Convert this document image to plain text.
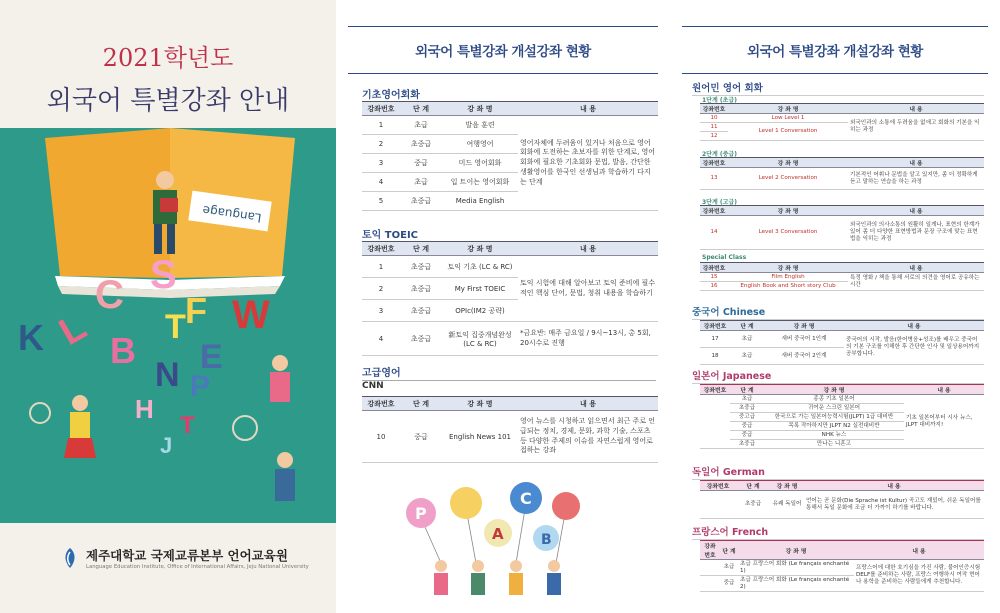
2021학년도
외국어 특별강좌 안내
Language
K L
C S
F W
B
T
E
N P
H
T
J
제주대학교 국제교류본부 언어교육원
Language Education Institute, Office of International Affairs, Jeju National University
외국어 특별강좌 개설강좌 현황
기초영어회화
강좌번호	단 계	강 좌 명	내 용
1	초급	발음 훈련	영어자체에 두려움이 있거나 처음으로 영어회화에 도전하는 초보자를 위한 단계로, 영어회화에 필요한 기초회화 문법, 발음, 간단한 생활영어를 한국인 선생님과 학습하기 다지는 단계
2	초중급	여행영어	
3	중급	미드 영어회화	
4	초급	입 트이는 영어회화	
5	초중급	Media English	
토익 TOEIC
강좌번호	단 계	강 좌 명	내 용
1	초중급	토익 기초 (LC & RC)	토익 시험에 대해 알아보고 토익 준비에 필수적인 핵심 단어, 문법, 청취 내용을 학습하기
2	초중급	My First TOEIC	
3	초중급	OPIc(IM2 공략)	
4	초중급	新토익 집중개념완성 (LC & RC)	*금요반: 매주 금요일 / 9시~13시, 총 5회, 20시수로 진행
고급영어
CNN
강좌번호	단 계	강 좌 명	내 용
10	중급	English News 101	영어 뉴스를 시청하고 읽으면서 최근 주로 언급되는 정치, 경제, 문화, 과학 기술, 스포츠 등 다양한 주제의 이슈를 자연스럽게 영어로 접하는 강좌
P
C
A	B
외국어 특별강좌 개설강좌 현황
원어민 영어 회화
1단계 (초급)
강좌번호	강 좌 명	내 용
10	Low Level 1	외국인과의 소통에 두려움을 없애고 회화의 기본을 익히는 과정
11	Level 1 Conversation	
12		
2단계 (중급)
강좌번호	강 좌 명	내 용
13	Level 2 Conversation	기본적인 어휘나 문법을 알고 있지만, 좀 더 정확하게 듣고 말하는 연습을 하는 과정
3단계 (고급)
강좌번호	강 좌 명	내 용
14	Level 3 Conversation	외국인과의 의사소통의 원활히 일게나, 표현의 한계가 있어 좀 더 다양한 표현방법과 문장 구조에 맞는 표현법을 익히는 과정
Special Class
강좌번호	강 좌 명	내 용
15	Film English	특정 영화 / 책을 통해 서로의 의견을 영어로 공유하는 시간
16	English Book and Short story Club	
중국어 Chinese
강좌번호	단 계	강 좌 명	내 용
17	초급	새버 중국어 1인계	중국어의 시작, 발음(한어병음+성조)를 배우고 중국어의 기본 구조를 이해한 후 간단한 인사 및 일상용어까지 공부합니다.
18	초급	새버 중국어 2인계	
일본어 Japanese
강좌번호	단 계	강 좌 명	내 용
	초급	종종 기초 일본어	기초 일본어부터 시사 뉴스, JLPT 대비까지!
	초중급	귀여운 스크린 일본어	
	중고급	한국으로 가는 일본어능력시험(JLPT) 1급 대비반	
	중급	목록 작아하지만 JLPT N2 실전대비반	
	중급	NHK 뉴스	
	초중급	만나는 니혼고	
독일어 German
강좌번호	단 계	강 좌 명	내 용
	초중급	유쾌 독일어	언어는 곧 문화(Die Sprache ist Kultur) 곡고도 재밌어, 쉬운 독일어를 통해서 독일 문화에 조금 더 가까이 하기를 바랍니다.
프랑스어 French
강좌번호	단 계	강 좌 명	내 용
	초급	초급 프랑스어 회화 (Le français enchanté 1)	프랑스어에 대한 호기심을 가진 사람, 불어인증시험 DELF를 준비하는 사람, 프랑스 여행하시 여작 현어나 용학을 준비하는 사람들에게 추천합니다.
	중급	초급 프랑스어 회화 (Le français enchanté 2)	
